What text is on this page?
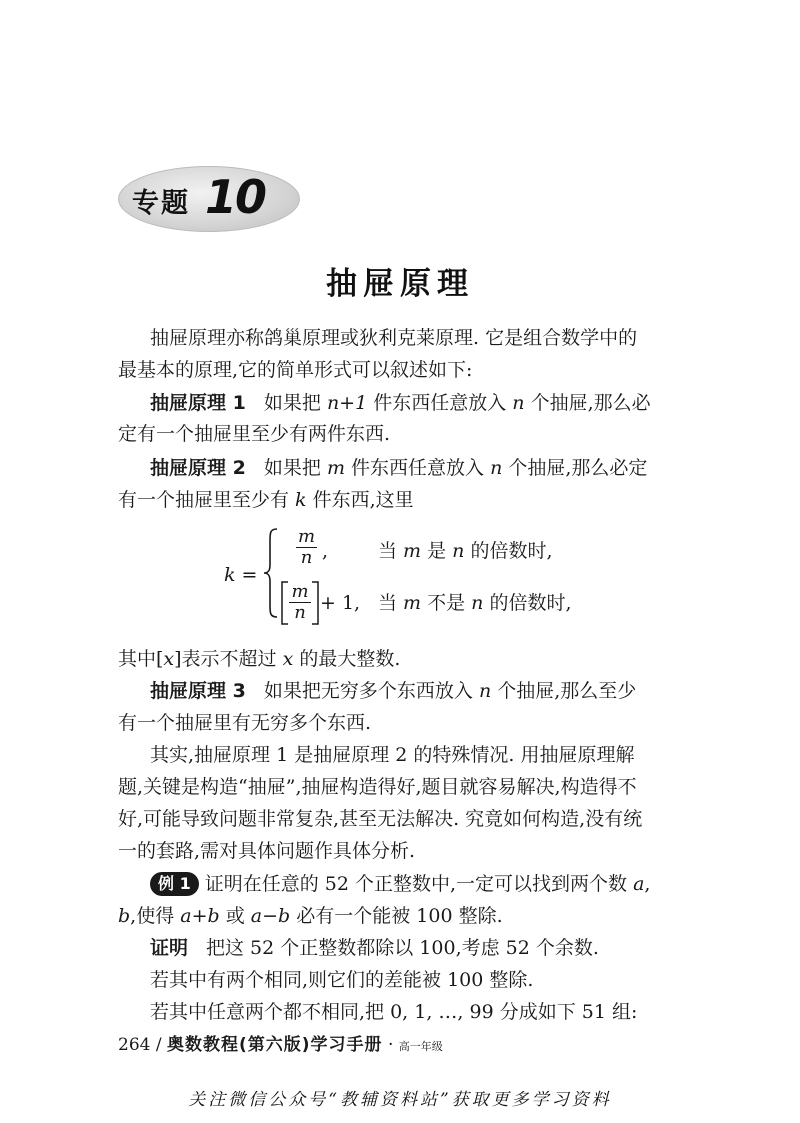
专题 10
抽屉原理
抽屉原理亦称鸽巢原理或狄利克莱原理. 它是组合数学中的
最基本的原理,它的简单形式可以叙述如下:
抽屉原理 1 如果把 n+1 件东西任意放入 n 个抽屉,那么必
定有一个抽屉里至少有两件东西.
抽屉原理 2 如果把 m 件东西任意放入 n 个抽屉,那么必定
有一个抽屉里至少有 k 件东西,这里
k =
$\frac{m}{n}$ ,	当 m 是 n 的倍数时,
$\frac{m}{n} + 1$, 当 m 不是 n 的倍数时,
其中[x]表示不超过 x 的最大整数.
抽屉原理 3 如果把无穷多个东西放入 n 个抽屉,那么至少
有一个抽屉里有无穷多个东西.
其实,抽屉原理 1 是抽屉原理 2 的特殊情况. 用抽屉原理解
题,关键是构造“抽屉”,抽屉构造得好,题目就容易解决,构造得不
好,可能导致问题非常复杂,甚至无法解决. 究竟如何构造,没有统
一的套路,需对具体问题作具体分析.
例 1 证明在任意的 52 个正整数中,一定可以找到两个数 a,
b,使得 a+b 或 a−b 必有一个能被 100 整除.
证明 把这 52 个正整数都除以 100,考虑 52 个余数.
若其中有两个相同,则它们的差能被 100 整除.
若其中任意两个都不相同,把 0, 1, …, 99 分成如下 51 组:
264 / 奥数教程(第六版)学习手册 · 高一年级
关注微信公众号“教辅资料站”获取更多学习资料
